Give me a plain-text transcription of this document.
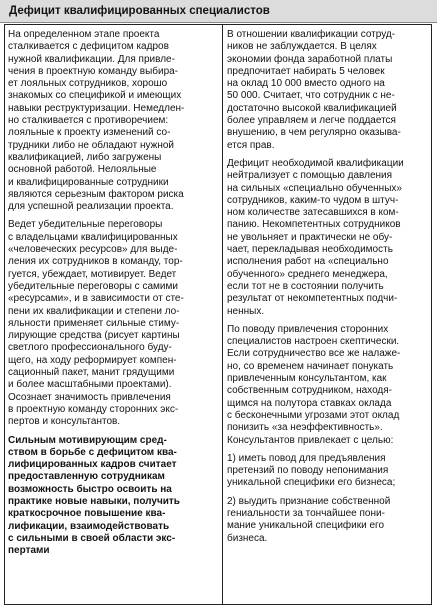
Дефицит квалифицированных специалистов

На определенном этапе проекта
сталкивается с дефицитом кадров
нужной квалификации. Для привле-
чения в проектную команду выбира-
ет лояльных сотрудников, хорошо
знакомых со спецификой и имеющих
навыки реструктуризации. Немедлен-
но сталкивается с противоречием:
лояльные к проекту изменений со-
трудники либо не обладают нужной
квалификацией, либо загружены
основной работой. Нелояльные
и квалифицированные сотрудники
являются серьезным фактором риска
для успешной реализации проекта.

Ведет убедительные переговоры
с владельцами квалифицированных
«человеческих ресурсов» для выде-
ления их сотрудников в команду, тор-
гуется, убеждает, мотивирует. Ведет
убедительные переговоры с самими
«ресурсами», и в зависимости от сте-
пени их квалификации и степени ло-
яльности применяет сильные стиму-
лирующие средства (рисует картины
светлого профессионального буду-
щего, на ходу реформирует компен-
сационный пакет, манит грядущими
и более масштабными проектами).
Осознает значимость привлечения
в проектную команду сторонних экс-
пертов и консультантов.

Сильным мотивирующим сред-
ством в борьбе с дефицитом ква-
лифицированных кадров считает
предоставленную сотрудникам
возможность быстро освоить на
практике новые навыки, получить
краткосрочное повышение ква-
лификации, взаимодействовать
с сильными в своей области экс-
пертами

В отношении квалификации сотруд-
ников не заблуждается. В целях
экономии фонда заработной платы
предпочитает набирать 5 человек
на оклад 10 000 вместо одного на
50 000. Считает, что сотрудник с не-
достаточно высокой квалификацией
более управляем и легче поддается
внушению, в чем регулярно оказыва-
ется прав.

Дефицит необходимой квалификации
нейтрализует с помощью давления
на сильных «специально обученных»
сотрудников, каким-то чудом в штуч-
ном количестве затесавшихся в ком-
панию. Некомпетентных сотрудников
не увольняет и практически не обу-
чает, перекладывая необходимость
исполнения работ на «специально
обученного» среднего менеджера,
если тот не в состоянии получить
результат от некомпетентных подчи-
ненных.

По поводу привлечения сторонних
специалистов настроен скептически.
Если сотрудничество все же налаже-
но, со временем начинает понукать
привлеченным консультантом, как
собственным сотрудником, находя-
щимся на полутора ставках оклада
с бесконечными угрозами этот оклад
понизить «за неэффективность».
Консультантов привлекает с целью:

1) иметь повод для предъявления
претензий по поводу непонимания
уникальной специфики его бизнеса;

2) выудить признание собственной
гениальности за тончайшее пони-
мание уникальной специфики его
бизнеса.
